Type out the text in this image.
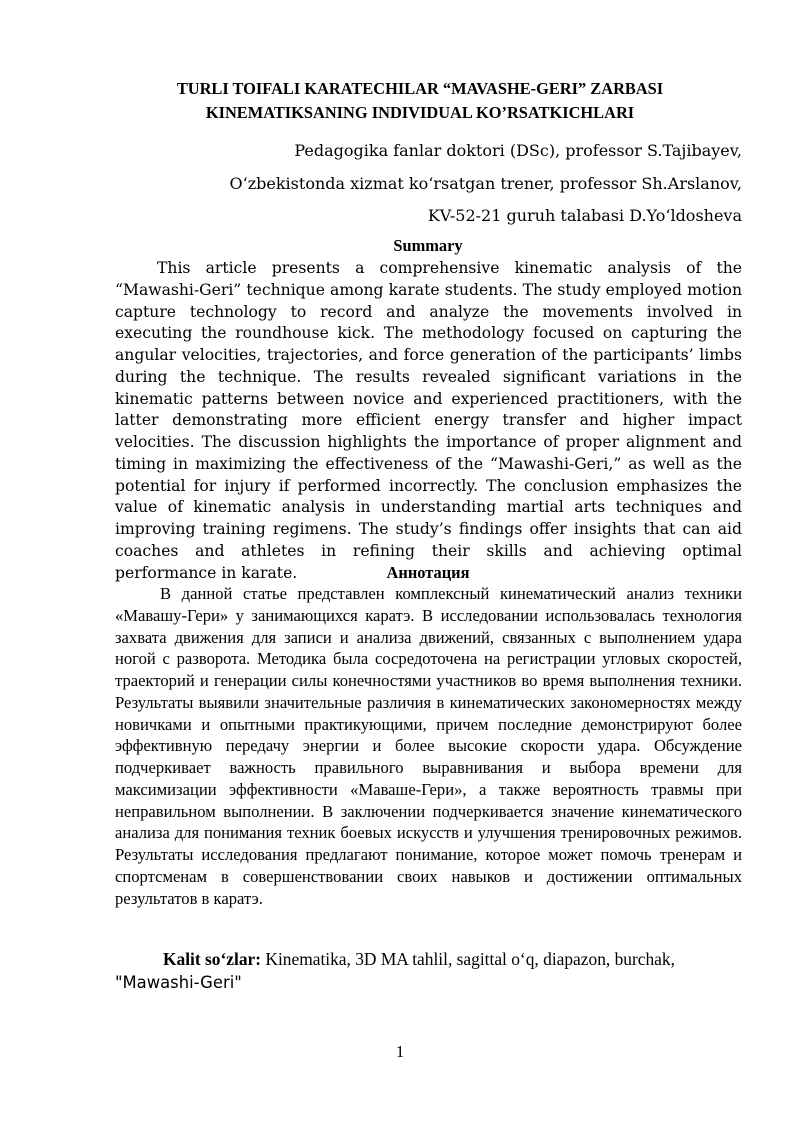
TURLI TOIFALI KARATECHILAR “MAVASHE-GERI” ZARBASI
KINEMATIKSANING INDIVIDUAL KO’RSATKICHLARI
Pedagogika fanlar doktori (DSc), professor S.Tajibayev,
O‘zbekistonda xizmat ko‘rsatgan trener, professor Sh.Arslanov,
KV-52-21 guruh talabasi D.Yo‘ldosheva
Summary
This article presents a comprehensive kinematic analysis of the “Mawashi-Geri” technique among karate students. The study employed motion capture technology to record and analyze the movements involved in executing the roundhouse kick. The methodology focused on capturing the angular velocities, trajectories, and force generation of the participants’ limbs during the technique. The results revealed significant variations in the kinematic patterns between novice and experienced practitioners, with the latter demonstrating more efficient energy transfer and higher impact velocities. The discussion highlights the importance of proper alignment and timing in maximizing the effectiveness of the “Mawashi-Geri,” as well as the potential for injury if performed incorrectly. The conclusion emphasizes the value of kinematic analysis in understanding martial arts techniques and improving training regimens. The study’s findings offer insights that can aid coaches and athletes in refining their skills and achieving optimal performance in karate.	Аннотация
В данной статье представлен комплексный кинематический анализ техники «Мавашу-Гери» у занимающихся каратэ. В исследовании использовалась технология захвата движения для записи и анализа движений, связанных с выполнением удара ногой с разворота. Методика была сосредоточена на регистрации угловых скоростей, траекторий и генерации силы конечностями участников во время выполнения техники. Результаты выявили значительные различия в кинематических закономерностях между новичками и опытными практикующими, причем последние демонстрируют более эффективную передачу энергии и более высокие скорости удара. Обсуждение подчеркивает важность правильного выравнивания и выбора времени для максимизации эффективности «Маваше-Гери», а также вероятность травмы при неправильном выполнении. В заключении подчеркивается значение кинематического анализа для понимания техник боевых искусств и улучшения тренировочных режимов. Результаты исследования предлагают понимание, которое может помочь тренерам и спортсменам в совершенствовании своих навыков и достижении оптимальных результатов в каратэ.
Kalit so‘zlar: Kinematika, 3D MA tahlil, sagittal o‘q, diapazon, burchak,
"Mawashi-Geri"
1
